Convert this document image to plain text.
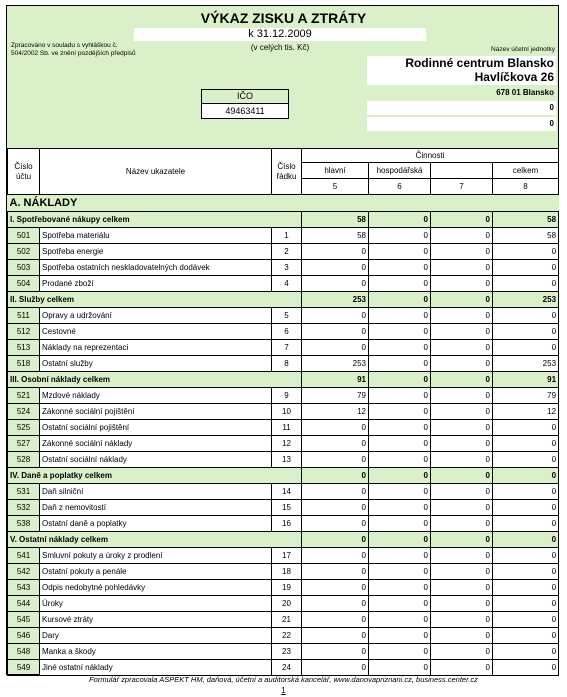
VÝKAZ ZISKU A ZTRÁTY
k 31.12.2009
(v celých tis. Kč)
Zpracováno v souladu s vyhláškou č. 504/2002 Sb. ve znění pozdějších předpisů
Název účetní jednotky
Rodinné centrum Blansko
Havlíčkova 26
678 01 Blansko
0
0
IČO
49463411
Číslo účtu	Název ukazatele	Číslo řádku	Činnosti			
			hlavní	hospodářská		celkem
			5	6	7	8
A. NÁKLADY						
I. Spotřebované nákupy celkem			58	0	0	58
501	Spotřeba materiálu	1	58	0	0	58
502	Spotřeba energie	2	0	0	0	0
503	Spotřeba ostatních neskladovatelných dodávek	3	0	0	0	0
504	Prodané zboží	4	0	0	0	0
II. Služby celkem			253	0	0	253
511	Opravy a udržování	5	0	0	0	0
512	Cestovné	6	0	0	0	0
513	Náklady na reprezentaci	7	0	0	0	0
518	Ostatní služby	8	253	0	0	253
III. Osobní náklady celkem			91	0	0	91
521	Mzdové náklady	9	79	0	0	79
524	Zákonné sociální pojištění	10	12	0	0	12
525	Ostatní sociální pojištění	11	0	0	0	0
527	Zákonné sociální náklady	12	0	0	0	0
528	Ostatní sociální náklady	13	0	0	0	0
IV. Daně a poplatky celkem			0	0	0	0
531	Daň silniční	14	0	0	0	0
532	Daň z nemovitostí	15	0	0	0	0
538	Ostatní daně a poplatky	16	0	0	0	0
V. Ostatní náklady celkem			0	0	0	0
541	Smluvní pokuty a úroky z prodlení	17	0	0	0	0
542	Ostatní pokuty a penále	18	0	0	0	0
543	Odpis nedobytné pohledávky	19	0	0	0	0
544	Úroky	20	0	0	0	0
545	Kursové ztráty	21	0	0	0	0
546	Dary	22	0	0	0	0
548	Manka a škody	23	0	0	0	0
549	Jiné ostatní náklady	24	0	0	0	0
Formulář zpracovala ASPEKT HM, daňová, účetní a auditorská kancelář, www.danovapriznani.cz, business.center.cz
1
